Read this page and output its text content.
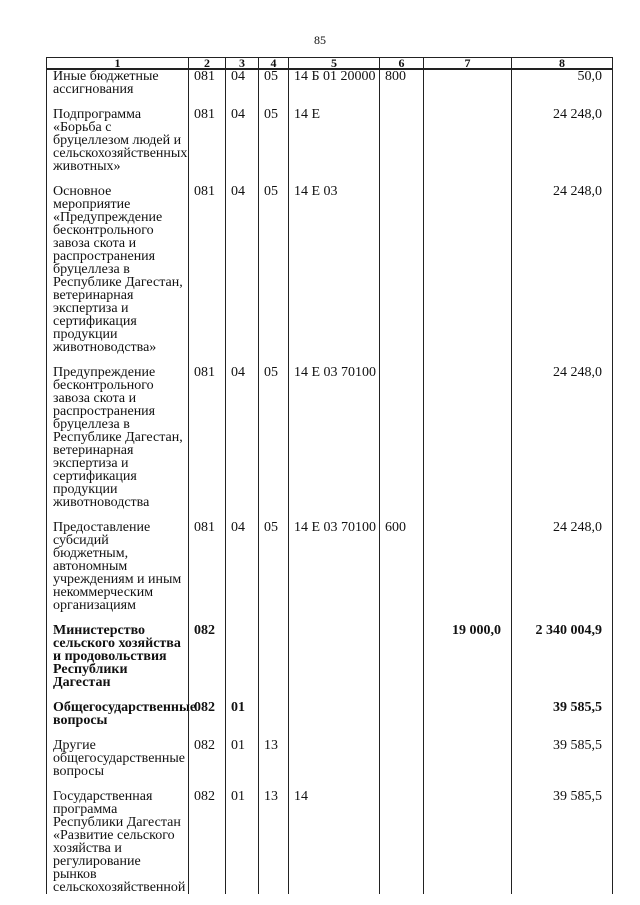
85
1	2	3	4	5	6	7	8
Иные бюджетные ассигнования	081	04	05	14 Б 01 20000	800		50,0
Подпрограмма «Борьба с бруцеллезом людей и сельскохозяйственных животных»	081	04	05	14 Е			24 248,0
Основное мероприятие «Предупреждение бесконтрольного завоза скота и распространения бруцеллеза в Республике Дагестан, ветеринарная экспертиза и сертификация продукции животноводства»	081	04	05	14 Е 03			24 248,0
Предупреждение бесконтрольного завоза скота и распространения бруцеллеза в Республике Дагестан, ветеринарная экспертиза и сертификация продукции животноводства	081	04	05	14 Е 03 70100			24 248,0
Предоставление субсидий бюджетным, автономным учреждениям и иным некоммерческим организациям	081	04	05	14 Е 03 70100	600		24 248,0
Министерство сельского хозяйства и продовольствия Республики Дагестан	082					19 000,0	2 340 004,9
Общегосударственные вопросы	082	01					39 585,5
Другие общегосударственные вопросы	082	01	13				39 585,5
Государственная программа Республики Дагестан «Развитие сельского хозяйства и регулирование рынков сельскохозяйственной	082	01	13	14			39 585,5
